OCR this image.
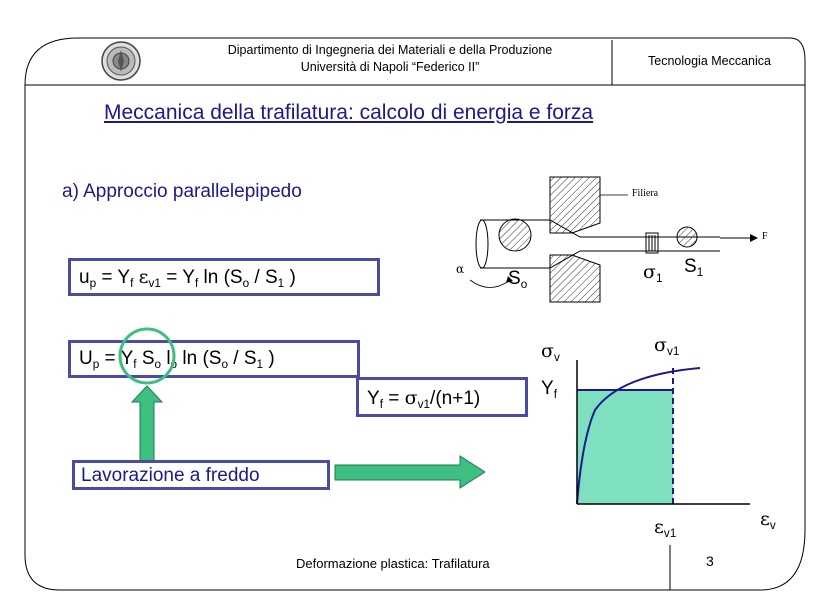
Dipartimento di Ingegneria dei Materiali e della Produzione
Università di Napoli “Federico II”	Tecnologia Meccanica
Meccanica della trafilatura: calcolo di energia e forza
a) Approccio parallelepipedo
$u_p = Y_f$ $\varepsilon_{v1} = Y_f$ $\ln (S_o / S_1$ )
$U_p = Y_f$ $S_o$ $l_o$ $\ln (S_o / S_1$ )
$Y_f = \sigma_{v1}/(n+1)$
Lavorazione a freddo
Filiera
F
α $S_o$
$\sigma_1$
$S_1$
$\sigma_v$
$\sigma_{v1}$
$Y_f$
$\varepsilon_{v1}$
$\varepsilon_v$
Deformazione plastica: Trafilatura	3
